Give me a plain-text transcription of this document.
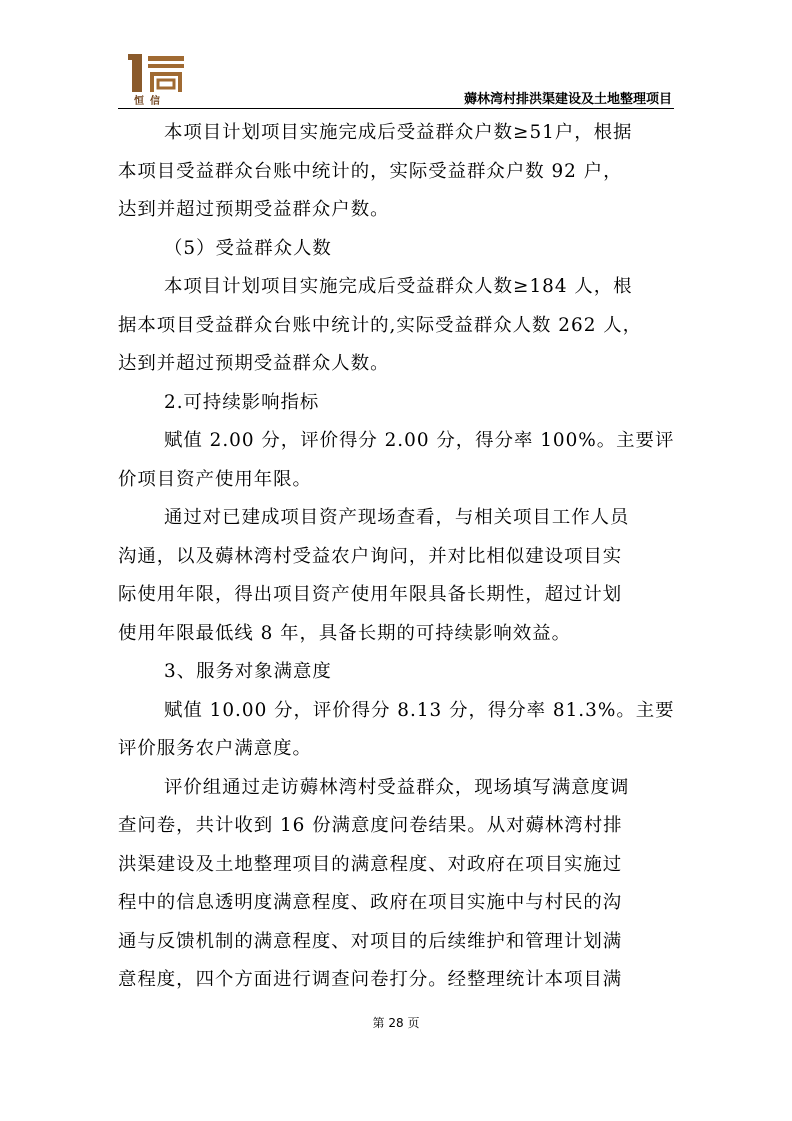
恒信	薅林湾村排洪渠建设及土地整理项目

本项目计划项目实施完成后受益群众户数≥51户，根据
本项目受益群众台账中统计的，实际受益群众户数 92 户，
达到并超过预期受益群众户数。

（5）受益群众人数

本项目计划项目实施完成后受益群众人数≥184 人，根
据本项目受益群众台账中统计的,实际受益群众人数 262 人，
达到并超过预期受益群众人数。

2.可持续影响指标

赋值 2.00 分，评价得分 2.00 分，得分率 100%。主要评
价项目资产使用年限。

通过对已建成项目资产现场查看，与相关项目工作人员
沟通，以及薅林湾村受益农户询问，并对比相似建设项目实
际使用年限，得出项目资产使用年限具备长期性，超过计划
使用年限最低线 8 年，具备长期的可持续影响效益。

3、服务对象满意度

赋值 10.00 分，评价得分 8.13 分，得分率 81.3%。主要
评价服务农户满意度。

评价组通过走访薅林湾村受益群众，现场填写满意度调
查问卷，共计收到 16 份满意度问卷结果。从对薅林湾村排
洪渠建设及土地整理项目的满意程度、对政府在项目实施过
程中的信息透明度满意程度、政府在项目实施中与村民的沟
通与反馈机制的满意程度、对项目的后续维护和管理计划满
意程度，四个方面进行调查问卷打分。经整理统计本项目满

第 28 页
